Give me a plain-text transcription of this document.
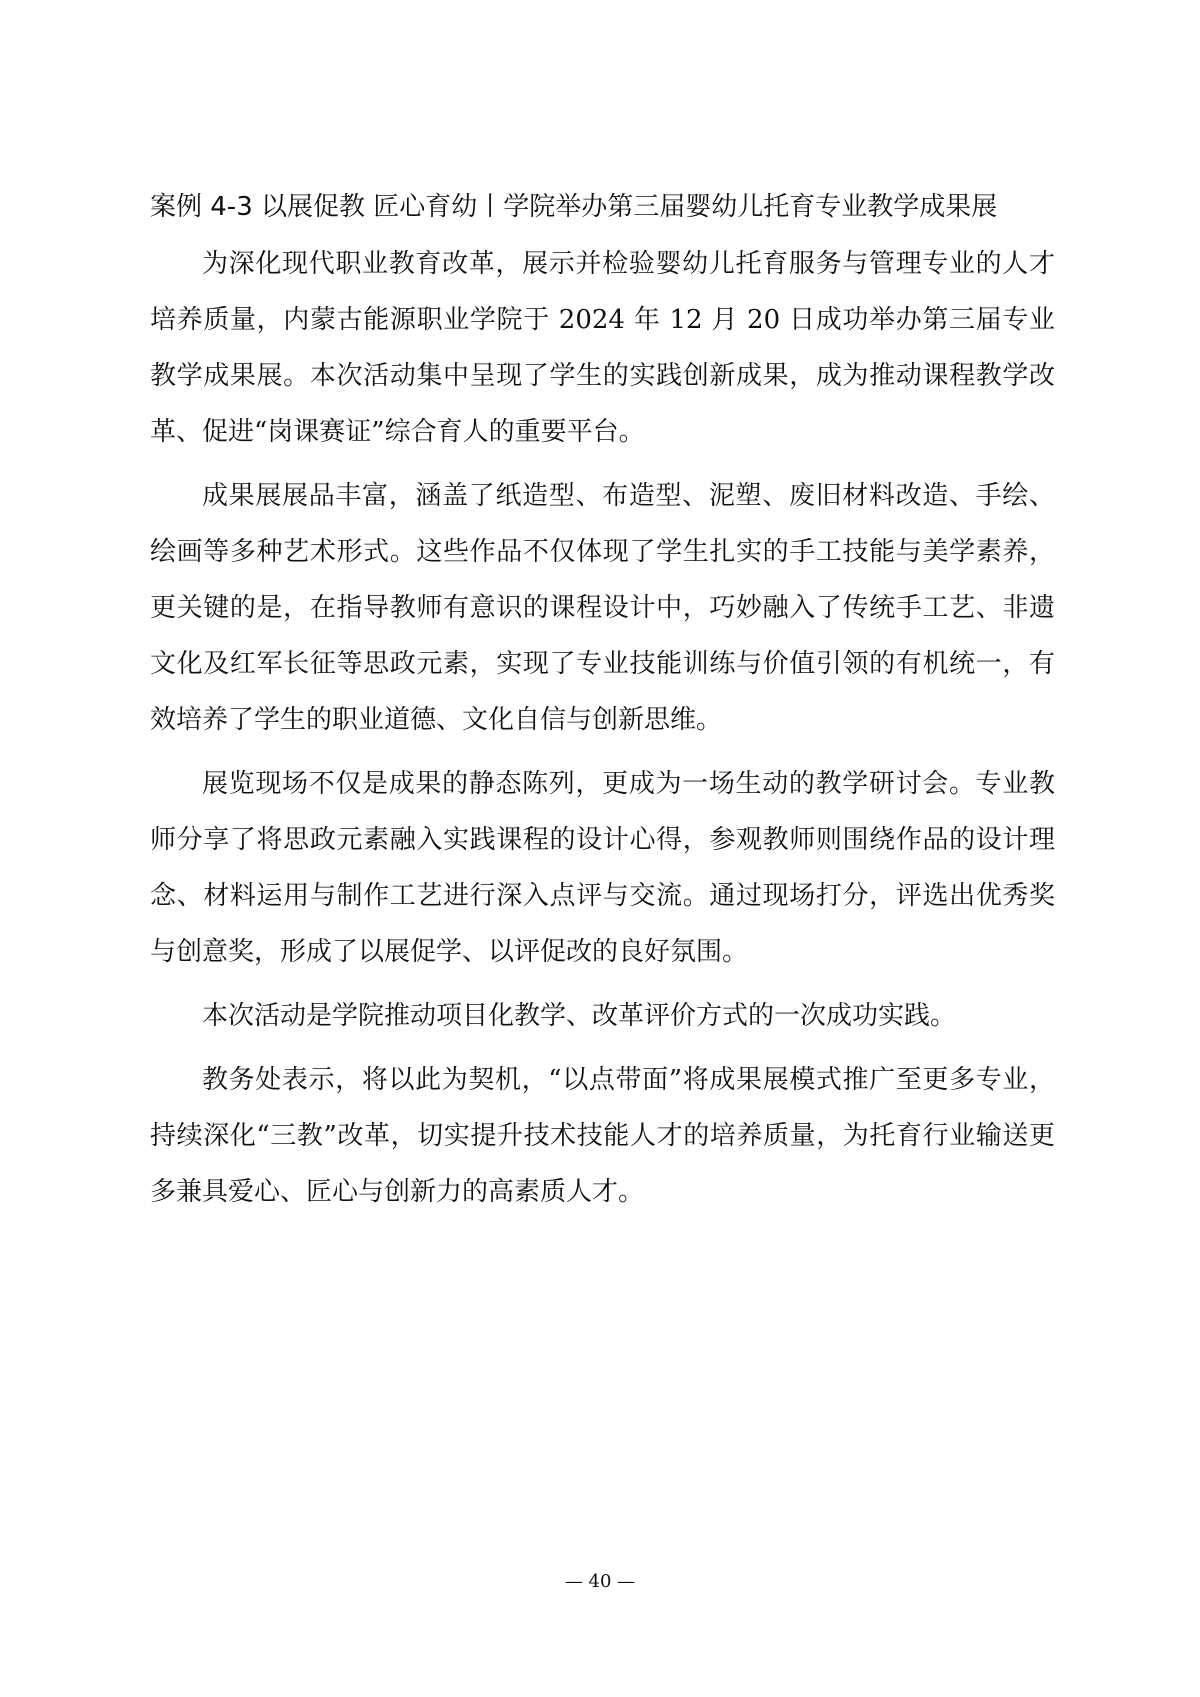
案例 4-3 以展促教 匠心育幼丨学院举办第三届婴幼儿托育专业教学成果展

为深化现代职业教育改革，展示并检验婴幼儿托育服务与管理专业的人才培养质量，内蒙古能源职业学院于 2024 年 12 月 20 日成功举办第三届专业教学成果展。本次活动集中呈现了学生的实践创新成果，成为推动课程教学改革、促进“岗课赛证”综合育人的重要平台。

成果展展品丰富，涵盖了纸造型、布造型、泥塑、废旧材料改造、手绘、绘画等多种艺术形式。这些作品不仅体现了学生扎实的手工技能与美学素养，更关键的是，在指导教师有意识的课程设计中，巧妙融入了传统手工艺、非遗文化及红军长征等思政元素，实现了专业技能训练与价值引领的有机统一，有效培养了学生的职业道德、文化自信与创新思维。

展览现场不仅是成果的静态陈列，更成为一场生动的教学研讨会。专业教师分享了将思政元素融入实践课程的设计心得，参观教师则围绕作品的设计理念、材料运用与制作工艺进行深入点评与交流。通过现场打分，评选出优秀奖与创意奖，形成了以展促学、以评促改的良好氛围。

本次活动是学院推动项目化教学、改革评价方式的一次成功实践。

教务处表示，将以此为契机，“以点带面”将成果展模式推广至更多专业，持续深化“三教”改革，切实提升技术技能人才的培养质量，为托育行业输送更多兼具爱心、匠心与创新力的高素质人才。

— 40 —
